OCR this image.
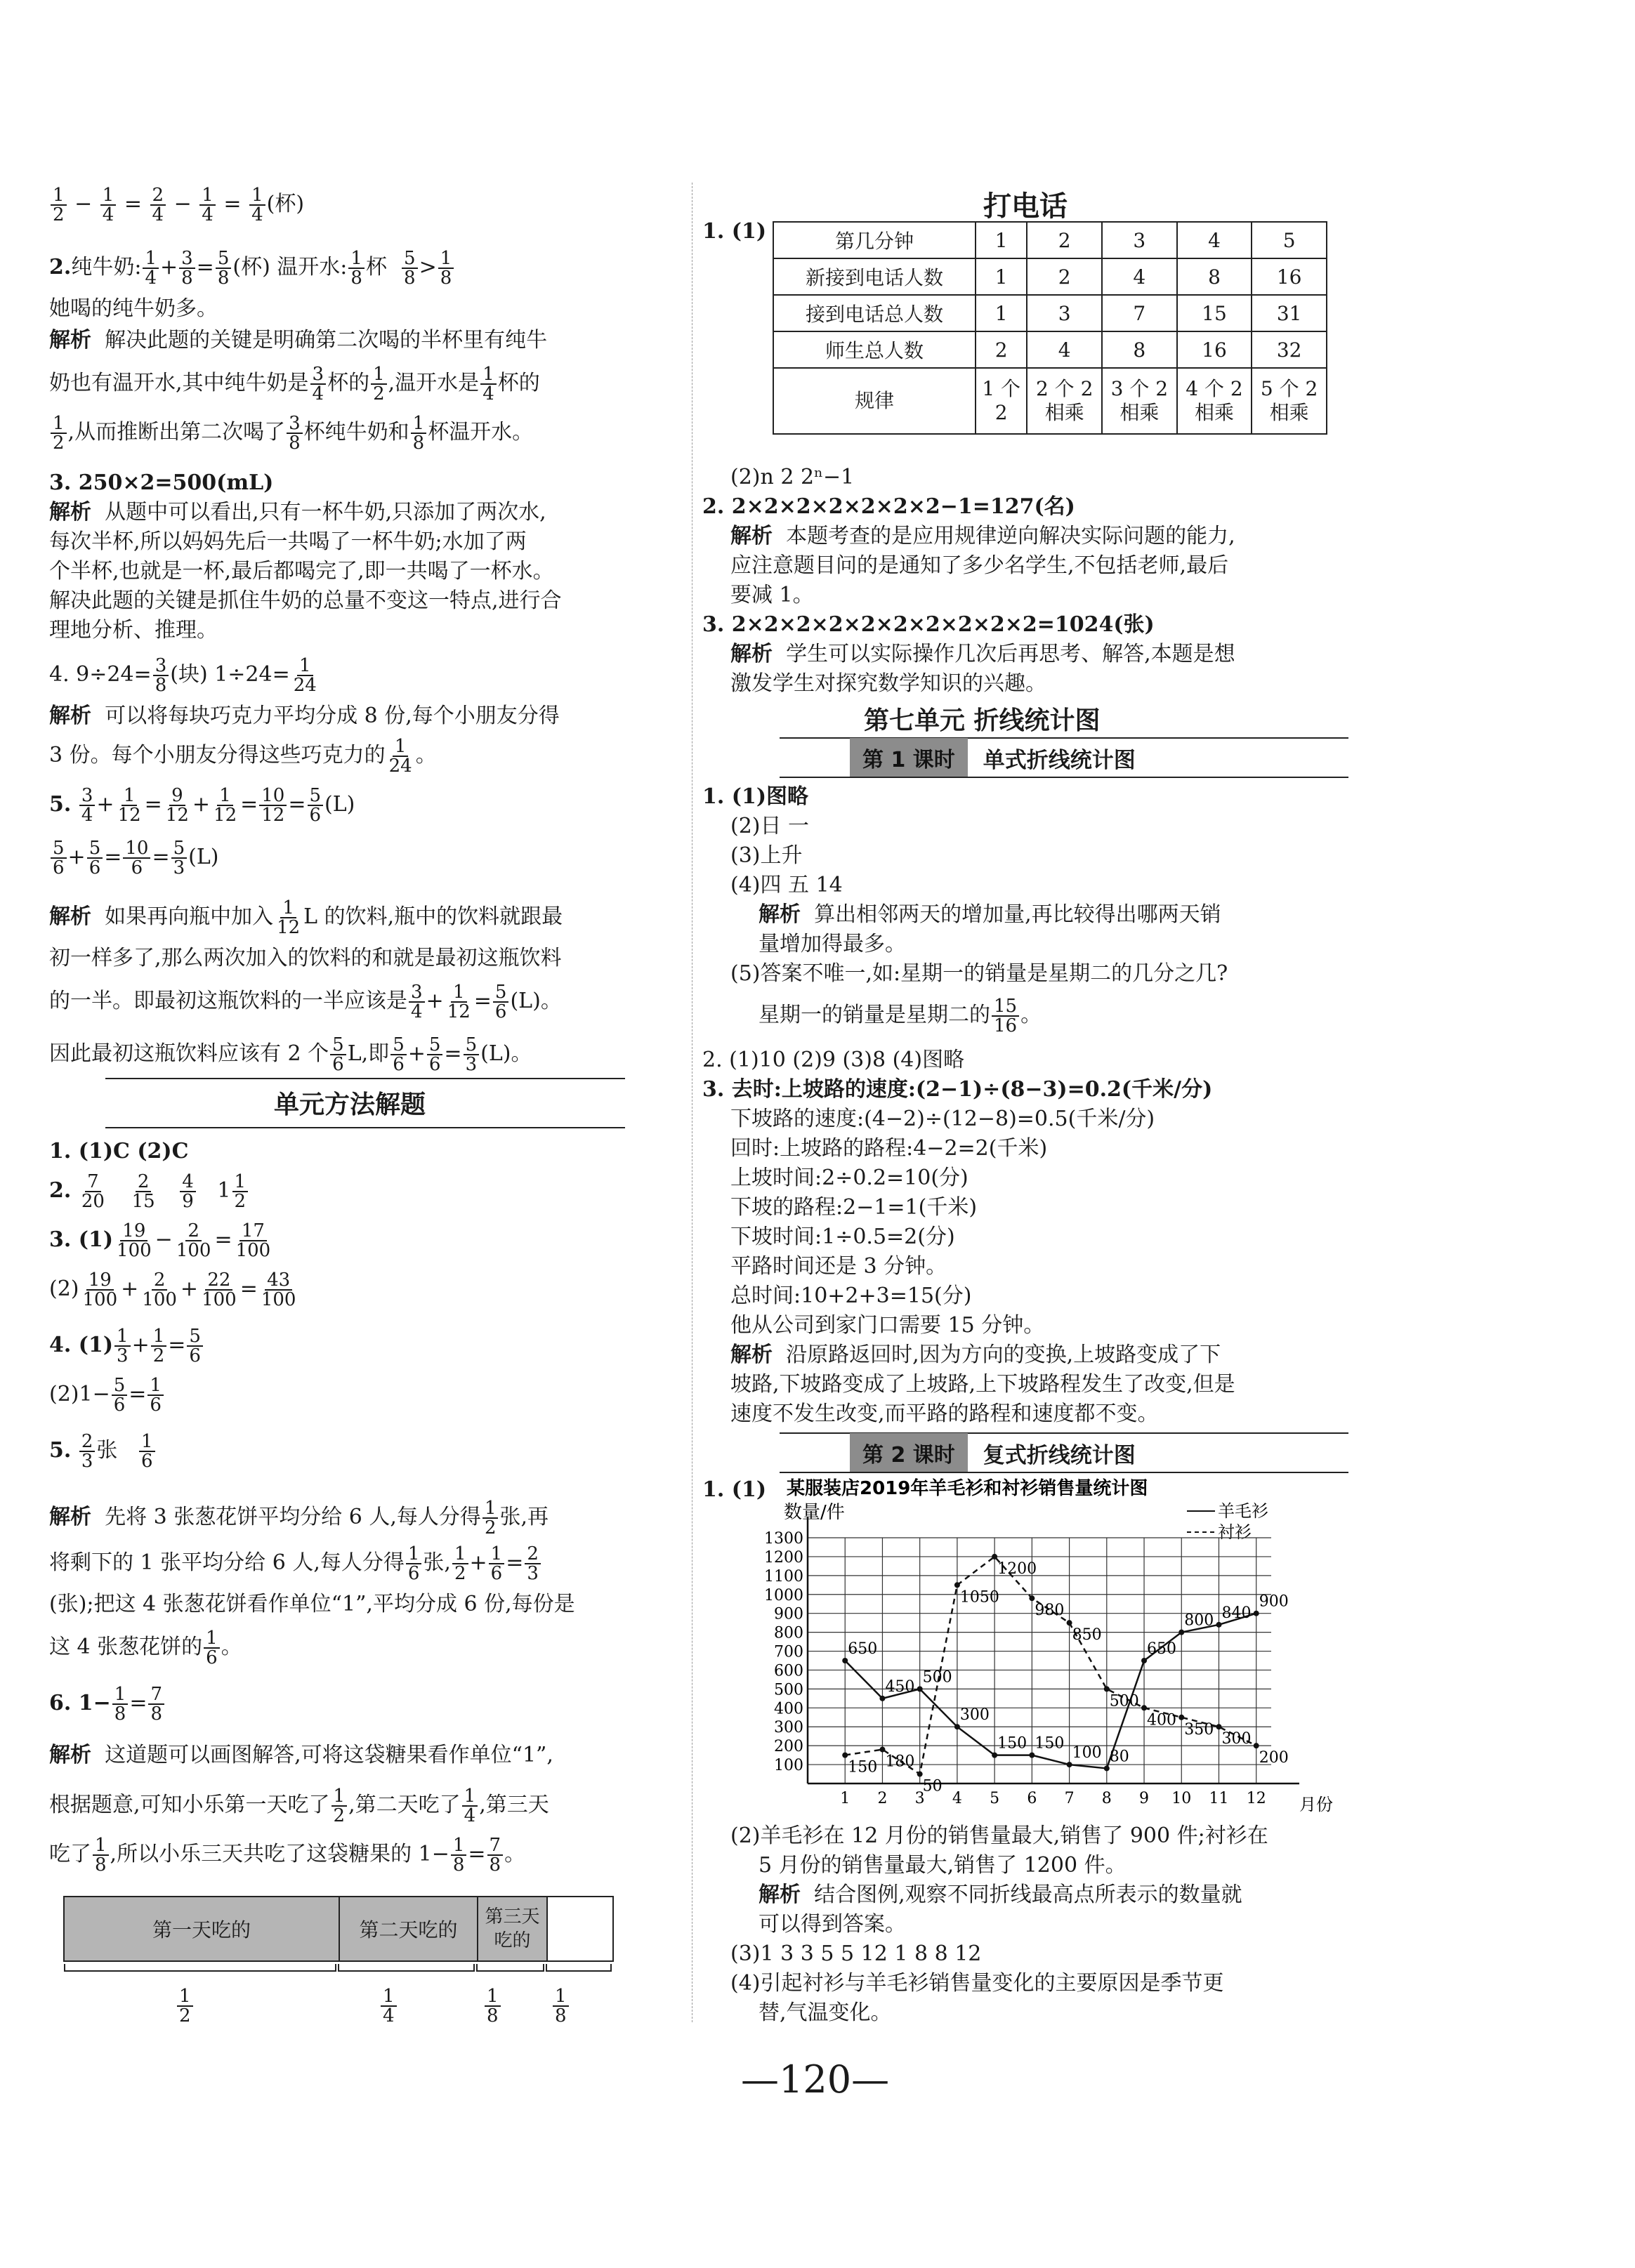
$\frac{1}{2} - \frac{1}{4} = \frac{2}{4} - \frac{1}{4} = \frac{1}{4}$ (杯)
2.纯牛奶: $\frac{1}{4} + \frac{3}{8} = \frac{5}{8}$ (杯) 温开水: $\frac{1}{8}$ 杯 $\frac{5}{8} > \frac{1}{8}$
她喝的纯牛奶多。
解析 解决此题的关键是明确第二次喝的半杯里有纯牛
奶也有温开水,其中纯牛奶是 $\frac{3}{4}$ 杯的 $\frac{1}{2}$ ,温开水是 $\frac{1}{4}$ 杯的
$\frac{1}{2}$ ,从而推断出第二次喝了 $\frac{3}{8}$ 杯纯牛奶和 $\frac{1}{8}$ 杯温开水。
3. 250×2=500(mL)
解析 从题中可以看出,只有一杯牛奶,只添加了两次水,
每次半杯,所以妈妈先后一共喝了一杯牛奶;水加了两
个半杯,也就是一杯,最后都喝完了,即一共喝了一杯水。
解决此题的关键是抓住牛奶的总量不变这一特点,进行合
理地分析、推理。
4. $9\div 24= \frac{3}{8}$ (块) $1\div 24= \frac{1}{24}$
解析 可以将每块巧克力平均分成 8 份,每个小朋友分得
3 份。每个小朋友分得这些巧克力的 $\frac{1}{24}$ 。
5. $\frac{3}{4} + \frac{1}{12} = \frac{9}{12} + \frac{1}{12} = \frac{10}{12} = \frac{5}{6} (L)$
$\frac{5}{6} + \frac{5}{6} = \frac{10}{6} = \frac{5}{3} (L)$
解析 如果再向瓶中加入 $\frac{1}{12}$ L 的饮料,瓶中的饮料就跟最
初一样多了,那么两次加入的饮料的和就是最初这瓶饮料
的一半。即最初这瓶饮料的一半应该是 $\frac{3}{4} + \frac{1}{12} = \frac{5}{6} (L)$。
因此最初这瓶饮料应该有 2 个 $\frac{5}{6} L$,即 $\frac{5}{6} + \frac{5}{6} = \frac{5}{3} (L)$。
单元方法解题
1. (1)C (2)C
2. $\frac{7}{20}$
$\frac{2}{15}$
$\frac{4}{9} 1 \frac{1}{2}$
3. $(1) \frac{19}{100} - \frac{2}{100} = \frac{17}{100}$
$(2) \frac{19}{100} + \frac{2}{100} + \frac{22}{100} = \frac{43}{100}$
4. $(1) \frac{1}{3} + \frac{1}{2} = \frac{5}{6}$
$(2)1- \frac{5}{6} = \frac{1}{6}$
5. $\frac{2}{3}$ 张 $\frac{1}{6}$
解析 先将 3 张葱花饼平均分给 6 人,每人分得 $\frac{1}{2}$ 张,再
将剩下的 1 张平均分给 6 人,每人分得 $\frac{1}{6}$ 张, $\frac{1}{2} + \frac{1}{6} = \frac{2}{3}$
(张);把这 4 张葱花饼看作单位“1”,平均分成 6 份,每份是
这 4 张葱花饼的 $\frac{1}{6}$ 。
6. $1- \frac{1}{8} = \frac{7}{8}$
解析 这道题可以画图解答,可将这袋糖果看作单位“1”,
根据题意,可知小乐第一天吃了 $\frac{1}{2}$ ,第二天吃了 $\frac{1}{4}$ ,第三天
吃了 $\frac{1}{8}$ ,所以小乐三天共吃了这袋糖果的 $1- \frac{1}{8} = \frac{7}{8}$ 。
第一天吃的	第二天吃的
第三天吃的
$\frac{1}{2}$	$\frac{1}{4}$	$\frac{1}{8}$	$\frac{1}{8}$
打电话
1. (1)	第几分钟	1	2	3	4	5
新接到电话人数	1	2	4	8	16
接到电话总人数	1	3	7	15	31
师生总人数	2	4	8	16	32
规律	1 个 2	2 个 2 相乘	3 个 2 相乘	4 个 2 相乘	5 个 2 相乘
(2)n 2 2ⁿ−1
2. 2×2×2×2×2×2×2−1=127(名)
解析 本题考查的是应用规律逆向解决实际问题的能力,
应注意题目问的是通知了多少名学生,不包括老师,最后
要减 1。
3. 2×2×2×2×2×2×2×2×2×2=1024(张)
解析 学生可以实际操作几次后再思考、解答,本题是想
激发学生对探究数学知识的兴趣。
第七单元 折线统计图
第 1 课时	单式折线统计图
1. (1)图略
(2)日 一
(3)上升
(4)四 五 14
解析 算出相邻两天的增加量,再比较得出哪两天销
量增加得最多。
(5)答案不唯一,如:星期一的销量是星期二的几分之几?
星期一的销量是星期二的 $\frac{15}{16}$ 。
2. (1)10 (2)9 (3)8 (4)图略
3. 去时:上坡路的速度:(2−1)÷(8−3)=0.2(千米/分)
下坡路的速度:(4−2)÷(12−8)=0.5(千米/分)
回时:上坡路的路程:4−2=2(千米)
上坡时间:2÷0.2=10(分)
下坡的路程:2−1=1(千米)
下坡时间:1÷0.5=2(分)
平路时间还是 3 分钟。
总时间:10+2+3=15(分)
他从公司到家门口需要 15 分钟。
解析 沿原路返回时,因为方向的变换,上坡路变成了下
坡路,下坡路变成了上坡路,上下坡路程发生了改变,但是
速度不发生改变,而平路的路程和速度都不变。
第 2 课时	复式折线统计图
1. (1) 某服装店2019年羊毛衫和衬衫销售量统计图
数量/件
月份
羊毛衫
衬衫
100
200
300
400
500
600
700
800
900
1000
1100
1200
1300
1 2 3 4 5 6 7 8 9 10 11 12
650
450
500
300
150 150
100 80
650
800 840
900
150 180
50
1050
1200
980
850
500
400
350
300
200
(2)羊毛衫在 12 月份的销售量最大,销售了 900 件;衬衫在
5 月份的销售量最大,销售了 1200 件。
解析 结合图例,观察不同折线最高点所表示的数量就
可以得到答案。
(3)1 3 3 5 5 12 1 8 8 12
(4)引起衬衫与羊毛衫销售量变化的主要原因是季节更
替,气温变化。
—120—
